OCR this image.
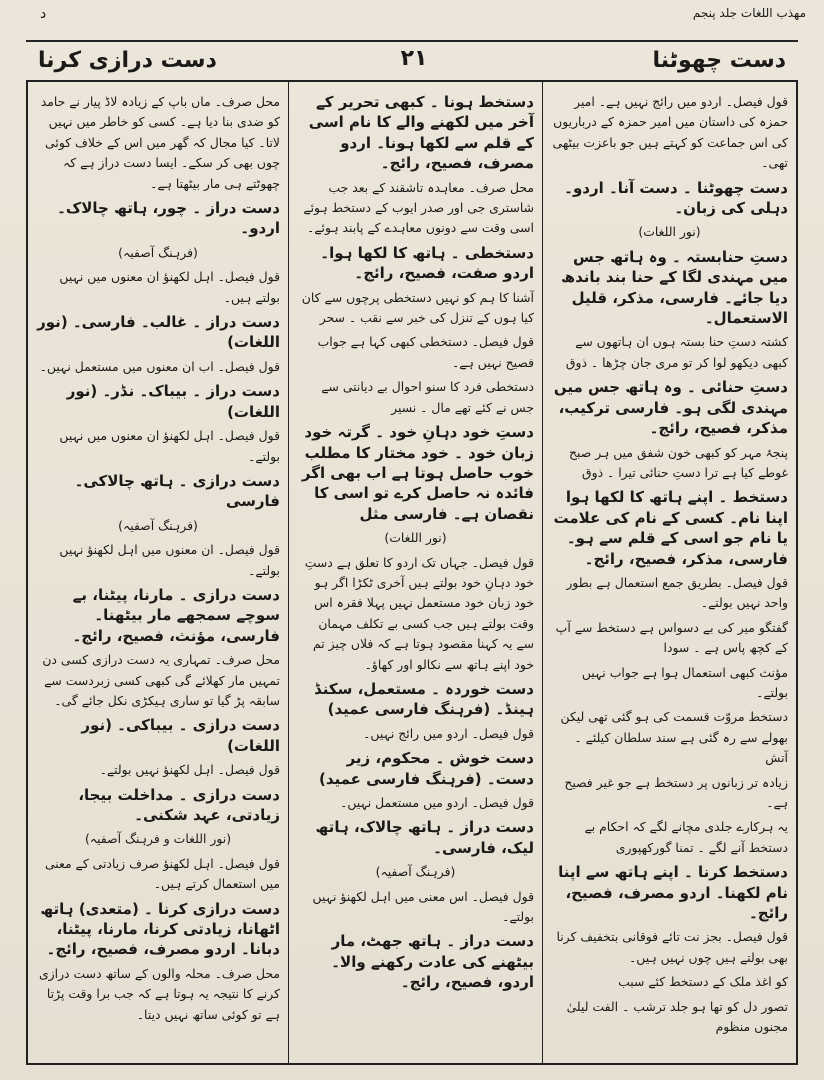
مهذب اللغات جلد پنجم
د
دست چھوٹنا
۲۱
دست درازی کرنا

قول فیصل۔ اردو میں رائج نہیں ہے۔ امیر حمزہ کی داستان میں امیر حمزہ کے درباریوں کی اس جماعت کو کہتے ہیں جو باعزت بیٹھی تھی۔

دست چھوٹنا ۔ دست آنا۔ اردو۔ دہلی کی زبان۔

(نور اللغات)

دستِ حنابستہ ۔ وہ ہاتھ جس میں مہندی لگا کے حنا بند باندھ دیا جائے۔ فارسی، مذکر، قلیل الاستعمال۔

کشتہ دستِ حنا بستہ ہوں ان ہاتھوں سے کبھی دیکھو لوا کر تو مری جان چڑھا ۔ ذوق

دستِ حنائی ۔ وہ ہاتھ جس میں مہندی لگی ہو۔ فارسی ترکیب، مذکر، فصیح، رائج۔

پنجۂ مہر کو کبھی خون شفق میں ہر صبح غوطے کیا ہے ترا دستِ حنائی تیرا ۔ ذوق

دستخط ۔ اپنے ہاتھ کا لکھا ہوا اپنا نام۔ کسی کے نام کی علامت یا نام جو اسی کے قلم سے ہو۔ فارسی، مذکر، فصیح، رائج۔

قول فیصل۔ بطریق جمع استعمال ہے بطور واحد نہیں بولتے۔

گفتگو میر کی بے دسواس ہے دستخط سے آپ کے کچھ پاس ہے ۔ سودا

مؤنث کبھی استعمال ہوا ہے جواب نہیں بولتے۔

دستخط مروّت قسمت کی ہو گئی تھی لیکن بھولے سے رہ گئی ہے سند سلطان کیلئے ۔ آتش

زیادہ تر زبانوں پر دستخط ہے جو غیر فصیح ہے۔

یہ ہرکارے جلدی مچانے لگے کہ احکام بے دستخط آنے لگے ۔ تمنا گورکھپوری

دستخط کرنا ۔ اپنے ہاتھ سے اپنا نام لکھنا۔ اردو مصرف، فصیح، رائج۔

قول فیصل۔ بجز نت تائے فوقانی بتخفیف کرنا بھی بولتے ہیں چوں نہیں ہیں۔

کو اغذ ملک کے دستخط کئے سبب

تصور دل کو تھا ہو جلد ترشب ۔ الفت لیلیٰ مجنوں منظوم

دستخط ہونا ۔ کبھی تحریر کے آخر میں لکھنے والے کا نام اسی کے قلم سے لکھا ہونا۔ اردو مصرف، فصیح، رائج۔

محل صرف۔ معاہدہ تاشقند کے بعد جب شاستری جی اور صدر ایوب کے دستخط ہوئے اسی وقت سے دونوں معاہدے کے پابند ہوئے۔

دستخطی ۔ ہاتھ کا لکھا ہوا۔ اردو صفت، فصیح، رائج۔

آشنا کا ہم کو نہیں دستخطی پرچوں سے کان کیا ہوں کے تنزل کی خبر سے نقب ۔ سحر

قول فیصل۔ دستخطی کبھی کہا ہے جواب فصیح نہیں ہے۔

دستخطی فرد کا سنو احوال بے دیانتی سے جس نے کئے تھے مال ۔ نسیر

دستِ خود دہانِ خود ۔ گرتہ خود زبان خود ۔ خود مختار کا مطلب خوب حاصل ہوتا ہے اب بھی اگر فائدہ نہ حاصل کرے تو اسی کا نقصان ہے۔ فارسی مثل

(نور اللغات)

قول فیصل۔ جہاں تک اردو کا تعلق ہے دستِ خود دہانِ خود بولتے ہیں آخری ٹکڑا اگر ہو خود زبان خود مستعمل نہیں پہلا فقرہ اس وقت بولتے ہیں جب کسی بے تکلف مہمان سے یہ کہنا مقصود ہوتا ہے کہ فلاں چیز تم خود اپنے ہاتھ سے نکالو اور کھاؤ۔

دست خوردہ ۔ مستعمل، سکنڈ ہینڈ۔ (فرہنگ فارسی عمید)

قول فیصل۔ اردو میں رائج نہیں۔

دست خوش ۔ محکوم، زیر دست۔ (فرہنگ فارسی عمید)

قول فیصل۔ اردو میں مستعمل نہیں۔

دست دراز ۔ ہاتھ چالاک، ہاتھ لیک، فارسی۔

(فرہنگ آصفیہ)

قول فیصل۔ اس معنی میں اہل لکھنؤ نہیں بولتے۔

دست دراز ۔ ہاتھ جھٹ، مار بیٹھنے کی عادت رکھنے والا۔ اردو، فصیح، رائج۔

محل صرف۔ ماں باپ کے زیادہ لاڈ پیار نے حامد کو ضدی بنا دیا ہے۔ کسی کو خاطر میں نہیں لاتا۔ کیا مجال کہ گھر میں اس کے خلاف کوئی چوں بھی کر سکے۔ ایسا دست دراز ہے کہ چھوٹتے ہی مار بیٹھتا ہے۔

دست دراز ۔ چور، ہاتھ چالاک۔ اردو۔

(فرہنگ آصفیہ)

قول فیصل۔ اہل لکھنؤ ان معنوں میں نہیں بولتے ہیں۔

دست دراز ۔ غالب۔ فارسی۔ (نور اللغات)

قول فیصل۔ اب ان معنوں میں مستعمل نہیں۔

دست دراز ۔ بیباک۔ نڈر۔ (نور اللغات)

قول فیصل۔ اہل لکھنؤ ان معنوں میں نہیں بولتے۔

دست درازی ۔ ہاتھ چالاکی۔ فارسی

(فرہنگ آصفیہ)

قول فیصل۔ ان معنوں میں اہل لکھنؤ نہیں بولتے۔

دست درازی ۔ مارنا، پیٹنا، بے سوچے سمجھے مار بیٹھنا۔ فارسی، مؤنث، فصیح، رائج۔

محل صرف۔ تمہاری یہ دست درازی کسی دن تمہیں مار کھلائے گی کبھی کسی زبردست سے سابقہ پڑ گیا تو ساری ہیکڑی نکل جائے گی۔

دست درازی ۔ بیباکی۔ (نور اللغات)

قول فیصل۔ اہل لکھنؤ نہیں بولتے۔

دست درازی ۔ مداخلت بیجا، زیادتی، عہد شکنی۔

(نور اللغات و فرہنگ آصفیہ)

قول فیصل۔ اہل لکھنؤ صرف زیادتی کے معنی میں استعمال کرتے ہیں۔

دست درازی کرنا ۔ (متعدی) ہاتھ اٹھانا، زیادتی کرنا، مارنا، پیٹنا، دبانا۔ اردو مصرف، فصیح، رائج۔

محل صرف۔ محلہ والوں کے ساتھ دست درازی کرنے کا نتیجہ یہ ہوتا ہے کہ جب برا وقت پڑتا ہے تو کوئی ساتھ نہیں دیتا۔
